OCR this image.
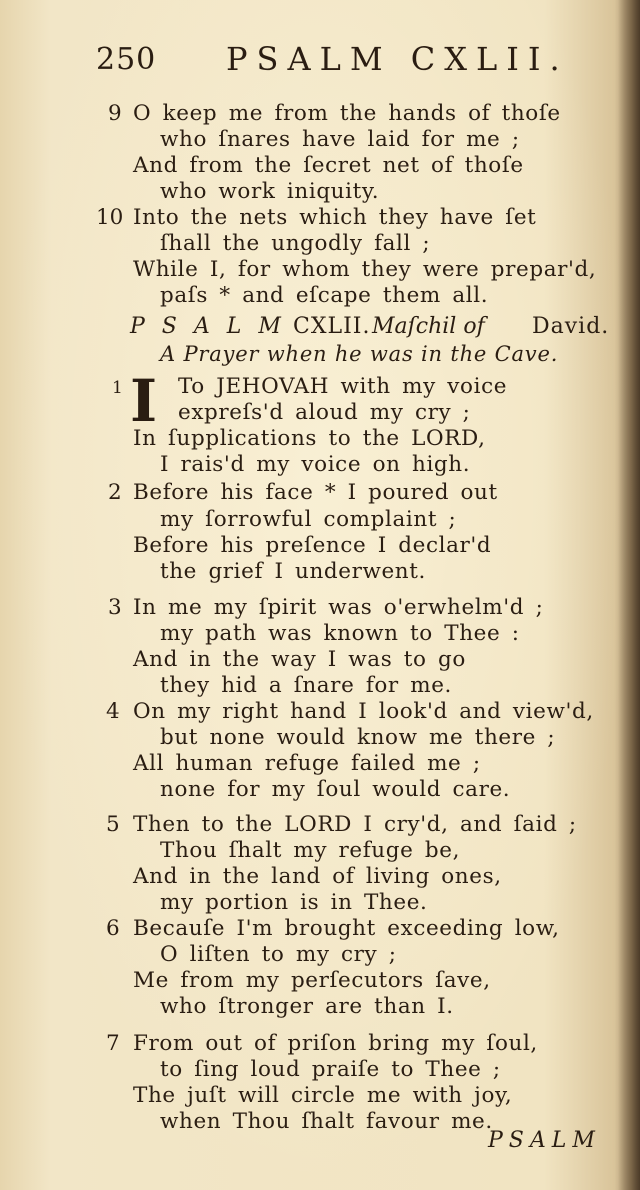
250 PSALM CXLII.
9 O keep me from the hands of thoſe
who ſnares have laid for me ;
And from the ſecret net of thoſe
who work iniquity.
10 Into the nets which they have ſet
ſhall the ungodly fall ;
While I, for whom they were prepar'd,
paſs * and eſcape them all.
P S A L M CXLII. Maſchil of David.
A Prayer when he was in the Cave.
1 I To JEHOVAH with my voice
expreſs'd aloud my cry ;
In ſupplications to the LORD,
I rais'd my voice on high.
2 Before his face * I poured out
my ſorrowful complaint ;
Before his preſence I declar'd
the grief I underwent.
3 In me my ſpirit was o'erwhelm'd ;
my path was known to Thee :
And in the way I was to go
they hid a ſnare for me.
4 On my right hand I look'd and view'd,
but none would know me there ;
All human refuge failed me ;
none for my ſoul would care.
5 Then to the LORD I cry'd, and ſaid ;
Thou ſhalt my refuge be,
And in the land of living ones,
my portion is in Thee.
6 Becauſe I'm brought exceeding low,
O liſten to my cry ;
Me from my perſecutors ſave,
who ſtronger are than I.
7 From out of priſon bring my ſoul,
to ſing loud praiſe to Thee ;
The juſt will circle me with joy,
when Thou ſhalt favour me.
PSALM
